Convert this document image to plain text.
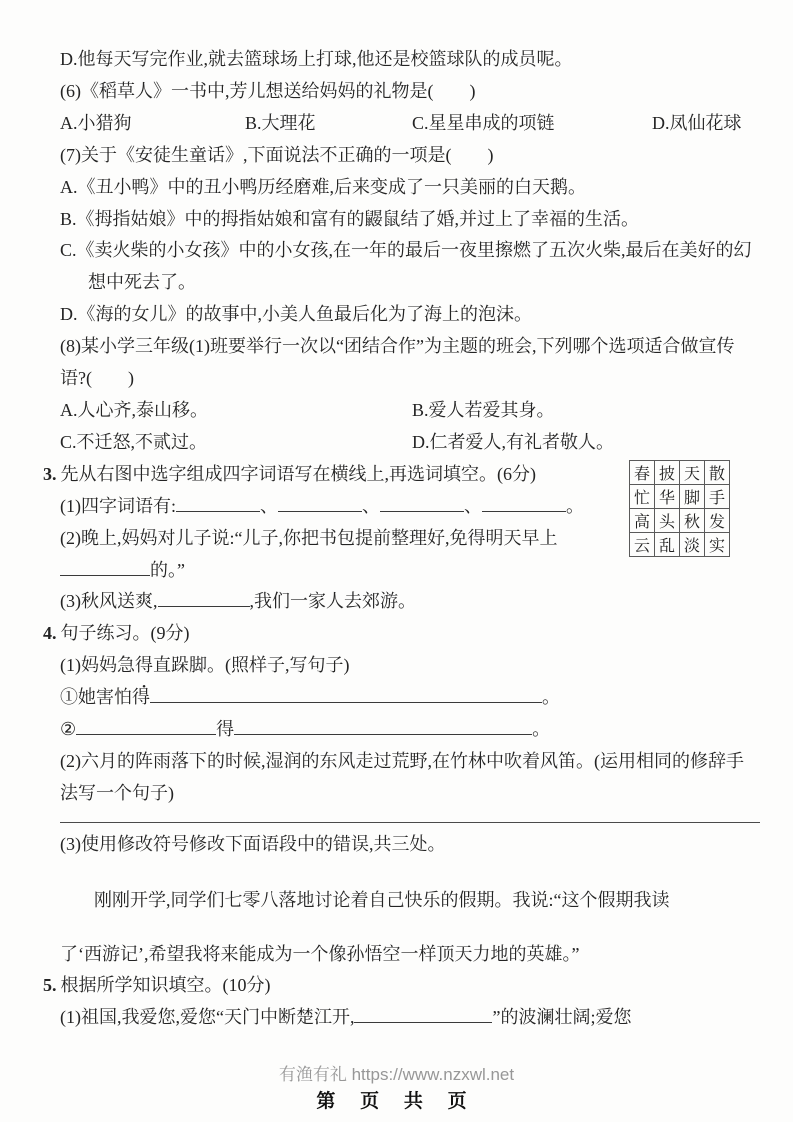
D.他每天写完作业,就去篮球场上打球,他还是校篮球队的成员呢。
(6)《稻草人》一书中,芳儿想送给妈妈的礼物是(　　)
A.小猎狗	B.大理花	C.星星串成的项链	D.凤仙花球
(7)关于《安徒生童话》,下面说法不正确的一项是(　　)
A.《丑小鸭》中的丑小鸭历经磨难,后来变成了一只美丽的白天鹅。
B.《拇指姑娘》中的拇指姑娘和富有的鼹鼠结了婚,并过上了幸福的生活。
C.《卖火柴的小女孩》中的小女孩,在一年的最后一夜里擦燃了五次火柴,最后在美好的幻想中死去了。
D.《海的女儿》的故事中,小美人鱼最后化为了海上的泡沫。
(8)某小学三年级(1)班要举行一次以“团结合作”为主题的班会,下列哪个选项适合做宣传语?(　　)
A.人心齐,泰山移。	B.爱人若爱其身。
C.不迁怒,不贰过。	D.仁者爱人,有礼者敬人。
3. 先从右图中选字组成四字词语写在横线上,再选词填空。(6分)
(1)四字词语有:	、	、	、	。
(2)晚上,妈妈对儿子说:“儿子,你把书包提前整理好,免得明天早上
的。”
(3)秋风送爽,	,我们一家人去郊游。
4. 句子练习。(9分)
(1)妈妈急得直跺脚。(照样子,写句子)
①她害怕得	。
②	得	。
(2)六月的阵雨落下的时候,湿润的东风走过荒野,在竹林中吹着风笛。(运用相同的修辞手法写一个句子)
(3)使用修改符号修改下面语段中的错误,共三处。
刚刚开学,同学们七零八落地讨论着自己快乐的假期。我说:“这个假期我读
了‘西游记’,希望我将来能成为一个像孙悟空一样顶天力地的英雄。”
5. 根据所学知识填空。(10分)
(1)祖国,我爱您,爱您“天门中断楚江开,	”的波澜壮阔;爱您
春	披	天	散
忙	华	脚	手
高	头	秋	发
云	乱	淡	实
有渔有礼 https://www.nzxwl.net
第 页 共 页
